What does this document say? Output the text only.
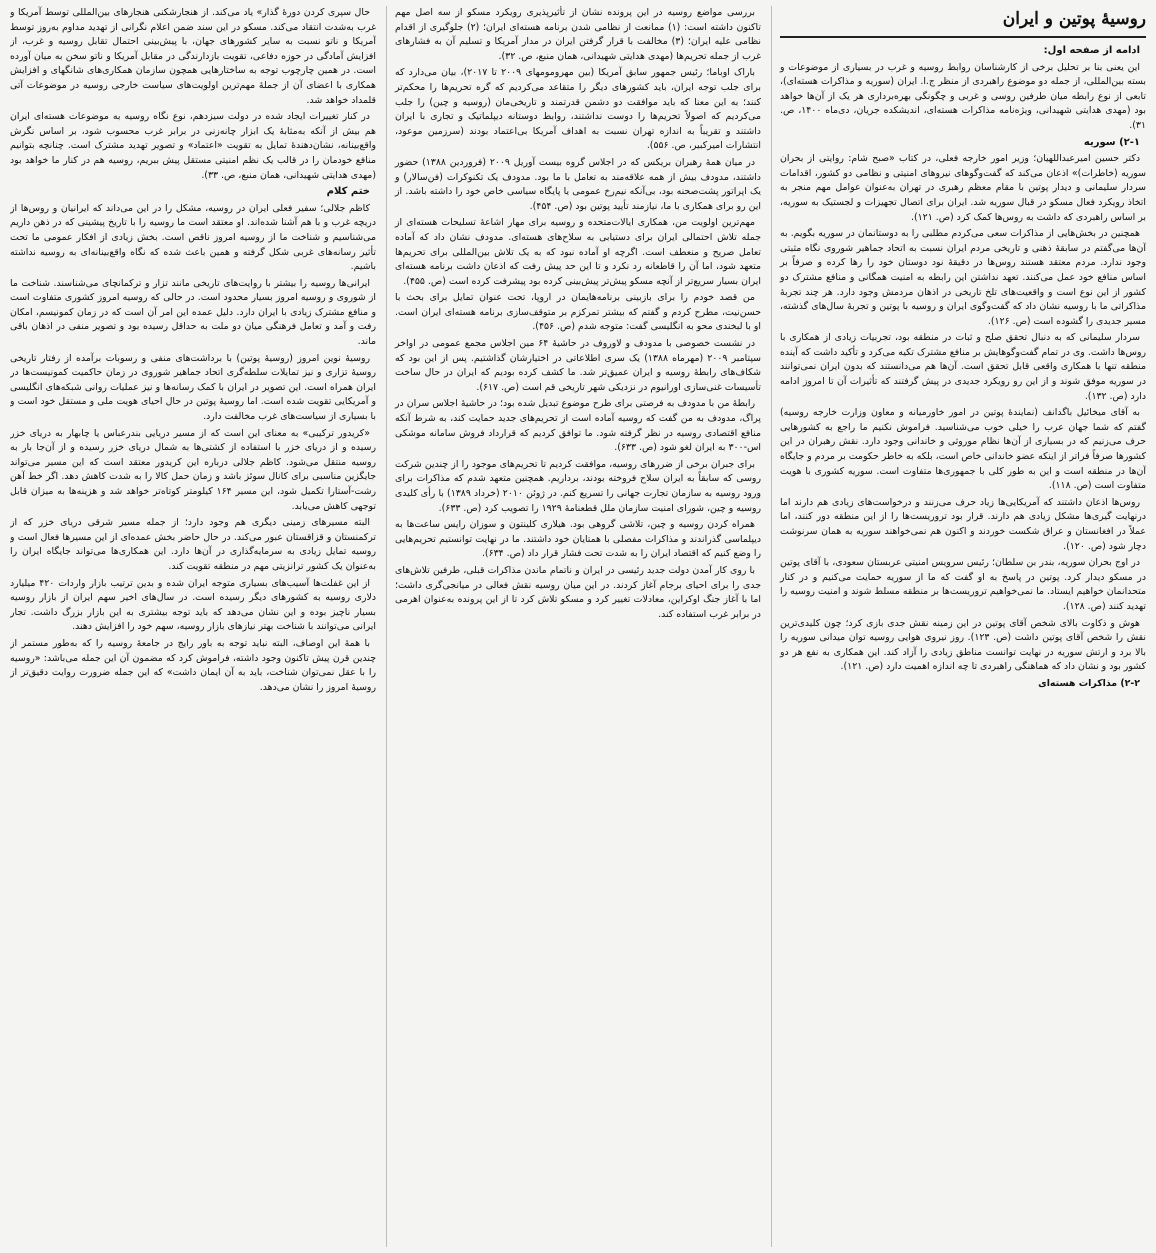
روسیهٔ پوتین و ایران

ادامه از صفحه اول:

این یعنی بنا بر تحلیل برخی از کارشناسان روابط روسیه و غرب در بسیاری از موضوعات و بسته بین‌المللی، از جمله دو موضوع راهبردی از منظر ج.ا. ایران (سوریه و مذاکرات هسته‌ای)، تابعی از نوع رابطه میان طرفین روسی و غربی و چگونگی بهره‌برداری هر یک از آن‌ها خواهد بود (مهدی هدایتی شهیدانی، ویژه‌نامه مذاکرات هسته‌ای، اندیشکده جریان، دی‌ماه ۱۴۰۰، ص. ۳۱).

۲-۱) سوریه

دکتر حسین امیرعبداللهیان؛ وزیر امور خارجه فعلی، در کتاب «صبح شام: روایتی از بحران سوریه (خاطرات)» اذعان می‌کند که گفت‌وگوهای نیروهای امنیتی و نظامی دو کشور، اقدامات سردار سلیمانی و دیدار پوتین با مقام معظم رهبری در تهران به‌عنوان عوامل مهم منجر به اتخاذ رویکرد فعال مسکو در قبال سوریه شد. ایران برای اتصال تجهیزات و لجستیک به سوریه، بر اساس راهبردی که داشت به روس‌ها کمک کرد (ص. ۱۲۱).

همچنین در بخش‌هایی از مذاکرات سعی می‌کردم مطلبی را به دوستانمان در سوریه بگویم. به آن‌ها می‌گفتم در سابقهٔ ذهنی و تاریخی مردم ایران نسبت به اتحاد جماهیر شوروی نگاه مثبتی وجود ندارد. مردم معتقد هستند روس‌ها در دقیقهٔ نود دوستان خود را رها کرده و صرفاً بر اساس منافع خود عمل می‌کنند. تعهد نداشتن این رابطه به امنیت همگانی و منافع مشترک دو کشور از این نوع است و واقعیت‌های تلخ تاریخی در اذهان مردمش وجود دارد. هر چند تجربهٔ مذاکراتی ما با روسیه نشان داد که گفت‌وگوی ایران و روسیه با پوتین و تجربهٔ سال‌های گذشته، مسیر جدیدی را گشوده است (ص. ۱۲۶).

سردار سلیمانی که به دنبال تحقق صلح و ثبات در منطقه بود، تجربیات زیادی از همکاری با روس‌ها داشت. وی در تمام گفت‌وگوهایش بر منافع مشترک تکیه می‌کرد و تأکید داشت که آینده منطقه تنها با همکاری واقعی قابل تحقق است. آن‌ها هم می‌دانستند که بدون ایران نمی‌توانند در سوریه موفق شوند و از این رو رویکرد جدیدی در پیش گرفتند که تأثیرات آن تا امروز ادامه دارد (ص. ۱۳۲).

به آقای میخائیل باگدانف (نمایندهٔ پوتین در امور خاورمیانه و معاون وزارت خارجه روسیه) گفتم که شما جهان عرب را خیلی خوب می‌شناسید. فراموش نکنیم ما راجع به کشورهایی حرف می‌زنیم که در بسیاری از آن‌ها نظام موروثی و خاندانی وجود دارد. نقش رهبران در این کشورها صرفاً فراتر از اینکه عضو خاندانی خاص است، بلکه به خاطر حکومت بر مردم و جایگاه آن‌ها در منطقه است و این به طور کلی با جمهوری‌ها متفاوت است. سوریه کشوری با هویت متفاوت است (ص. ۱۱۸).

روس‌ها اذعان داشتند که آمریکایی‌ها زیاد حرف می‌زنند و درخواست‌های زیادی هم دارند اما درنهایت گیری‌ها مشکل زیادی هم دارند. قرار بود تروریست‌ها را از این منطقه دور کنند، اما عملاً در افغانستان و عراق شکست خوردند و اکنون هم نمی‌خواهند سوریه به همان سرنوشت دچار شود (ص. ۱۲۰).

در اوج بحران سوریه، بندر بن سلطان؛ رئیس سرویس امنیتی عربستان سعودی، با آقای پوتین در مسکو دیدار کرد. پوتین در پاسخ به او گفت که ما از سوریه حمایت می‌کنیم و در کنار متحدانمان خواهیم ایستاد. ما نمی‌خواهیم تروریست‌ها بر منطقه مسلط شوند و امنیت روسیه را تهدید کنند (ص. ۱۲۸).

هوش و ذکاوت بالای شخص آقای پوتین در این زمینه نقش جدی بازی کرد؛ چون کلیدی‌ترین نقش را شخص آقای پوتین داشت (ص. ۱۲۳). روز نیروی هوایی روسیه توان میدانی سوریه را بالا برد و ارتش سوریه در نهایت توانست مناطق زیادی را آزاد کند. این همکاری به نفع هر دو کشور بود و نشان داد که هماهنگی راهبردی تا چه اندازه اهمیت دارد (ص. ۱۲۱).

۲-۲) مذاکرات هسته‌ای

بررسی مواضع روسیه در این پرونده نشان از تأثیرپذیری رویکرد مسکو از سه اصل مهم تاکنون داشته است: (۱) ممانعت از نظامی شدن برنامه هسته‌ای ایران؛ (۲) جلوگیری از اقدام نظامی علیه ایران؛ (۳) مخالفت با قرار گرفتن ایران در مدار آمریکا و تسلیم آن به فشارهای غرب از جمله تحریم‌ها (مهدی هدایتی شهیدانی، همان منبع، ص. ۳۲).

باراک اوباما؛ رئیس جمهور سابق آمریکا (بین مهرومومهای ۲۰۰۹ تا ۲۰۱۷)، بیان می‌دارد که برای جلب توجه ایران، باید کشورهای دیگر را متقاعد می‌کردیم که گره تحریم‌ها را محکم‌تر کنند؛ به این معنا که باید موافقت دو دشمن قدرتمند و تاریخی‌مان (روسیه و چین) را جلب می‌کردیم که اصولاً تحریم‌ها را دوست نداشتند، روابط دوستانه دیپلماتیک و تجاری با ایران داشتند و تقریباً به اندازه تهران نسبت به اهداف آمریکا بی‌اعتماد بودند (سرزمین موعود، انتشارات امیرکبیر، ص. ۵۵۶).

در میان همهٔ رهبران بریکس که در اجلاس گروه بیست آوریل ۲۰۰۹ (فروردین ۱۳۸۸) حضور داشتند، مدودف بیش از همه علاقه‌مند به تعامل با ما بود. مدودف یک تکنوکرات (فن‌سالار) و یک اپراتور پشت‌صحنه بود، بی‌آنکه نیم‌رخ عمومی یا پایگاه سیاسی خاص خود را داشته باشد. از این رو برای همکاری با ما، نیازمند تأیید پوتین بود (ص. ۴۵۴).

مهم‌ترین اولویت من، همکاری ایالات‌متحده و روسیه برای مهار اشاعهٔ تسلیحات هسته‌ای از جمله تلاش احتمالی ایران برای دستیابی به سلاح‌های هسته‌ای. مدودف نشان داد که آماده تعامل صریح و منعطف است. اگرچه او آماده نبود که به یک تلاش بین‌المللی برای تحریم‌ها متعهد شود، اما آن را قاطعانه رد نکرد و تا این حد پیش رفت که اذعان داشت برنامه هسته‌ای ایران بسیار سریع‌تر از آنچه مسکو پیش‌تر پیش‌بینی کرده بود پیشرفت کرده است (ص. ۴۵۵).

من قصد خودم را برای بازبینی برنامه‌هایمان در اروپا، تحت عنوان تمایل برای بحث با حسن‌نیت، مطرح کردم و گفتم که بیشتر تمرکزم بر متوقف‌سازی برنامه هسته‌ای ایران است. او با لبخندی محو به انگلیسی گفت: متوجه شدم (ص. ۴۵۶).

در نشست خصوصی با مدودف و لاوروف در حاشیهٔ ۶۴ مین اجلاس مجمع عمومی در اواخر سپتامبر ۲۰۰۹ (مهرماه ۱۳۸۸) یک سری اطلاعاتی در اختیارشان گذاشتیم. پس از این بود که شکاف‌های رابطهٔ روسیه و ایران عمیق‌تر شد. ما کشف کرده بودیم که ایران در حال ساخت تأسیسات غنی‌سازی اورانیوم در نزدیکی شهر تاریخی قم است (ص. ۶۱۷).

رابطهٔ من با مدودف به فرصتی برای طرح موضوع تبدیل شده بود؛ در حاشیهٔ اجلاس سران در پراگ، مدودف به من گفت که روسیه آماده است از تحریم‌های جدید حمایت کند، به شرط آنکه منافع اقتصادی روسیه در نظر گرفته شود. ما توافق کردیم که قرارداد فروش سامانه موشکی اس-۳۰۰ به ایران لغو شود (ص. ۶۳۳).

برای جبران برخی از ضررهای روسیه، موافقت کردیم تا تحریم‌های موجود را از چندین شرکت روسی که سابقاً به ایران سلاح فروخته بودند، برداریم. همچنین متعهد شدم که مذاکرات برای ورود روسیه به سازمان تجارت جهانی را تسریع کنم. در ژوئن ۲۰۱۰ (خرداد ۱۳۸۹) با رأی کلیدی روسیه و چین، شورای امنیت سازمان ملل قطعنامهٔ ۱۹۲۹ را تصویب کرد (ص. ۶۳۳).

همراه کردن روسیه و چین، تلاشی گروهی بود. هیلاری کلینتون و سوزان رایس ساعت‌ها به دیپلماسی گذراندند و مذاکرات مفصلی با همتایان خود داشتند. ما در نهایت توانستیم تحریم‌هایی را وضع کنیم که اقتصاد ایران را به شدت تحت فشار قرار داد (ص. ۶۳۴).

با روی کار آمدن دولت جدید رئیسی در ایران و ناتمام ماندن مذاکرات قبلی، طرفین تلاش‌های جدی را برای احیای برجام آغاز کردند. در این میان روسیه نقش فعالی در میانجی‌گری داشت؛ اما با آغاز جنگ اوکراین، معادلات تغییر کرد و مسکو تلاش کرد تا از این پرونده به‌عنوان اهرمی در برابر غرب استفاده کند.

حال سپری کردن دورهٔ گذار» یاد می‌کند. از هنجارشکنی هنجارهای بین‌المللی توسط آمریکا و غرب به‌شدت انتقاد می‌کند. مسکو در این سند ضمن اعلام نگرانی از تهدید مداوم به‌روز توسط آمریکا و ناتو نسبت به سایر کشورهای جهان، با پیش‌بینی احتمال تقابل روسیه و غرب، از افزایش آمادگی در حوزه دفاعی، تقویت بازدارندگی در مقابل آمریکا و ناتو سخن به میان آورده است. در همین چارچوب توجه به ساختارهایی همچون سازمان همکاری‌های شانگهای و افزایش همکاری با اعضای آن از جملهٔ مهم‌ترین اولویت‌های سیاست خارجی روسیه در موضوعات آتی قلمداد خواهد شد.

در کنار تغییرات ایجاد شده در دولت سیزدهم، نوع نگاه روسیه به موضوعات هسته‌ای ایران هم بیش از آنکه به‌مثابهٔ یک ابزار چانه‌زنی در برابر غرب محسوب شود، بر اساس نگرش واقع‌بینانه، نشان‌دهندهٔ تمایل به تقویت «اعتماد» و تصویر تهدید مشترک است. چنانچه بتوانیم منافع خودمان را در قالب یک نظم امنیتی مستقل پیش ببریم، روسیه هم در کنار ما خواهد بود (مهدی هدایتی شهیدانی، همان منبع، ص. ۳۳).

ختم کلام

کاظم جلالی؛ سفیر فعلی ایران در روسیه، مشکل را در این می‌داند که ایرانیان و روس‌ها از دریچه غرب و با هم آشنا شده‌اند. او معتقد است ما روسیه را با تاریخ پیشینی که در ذهن داریم می‌شناسیم و شناخت ما از روسیه امروز ناقص است. بخش زیادی از افکار عمومی ما تحت تأثیر رسانه‌های غربی شکل گرفته و همین باعث شده که نگاه واقع‌بینانه‌ای به روسیه نداشته باشیم.

ایرانی‌ها روسیه را بیشتر با روایت‌های تاریخی مانند تزار و ترکمانچای می‌شناسند. شناخت ما از شوروی و روسیه امروز بسیار محدود است. در حالی که روسیه امروز کشوری متفاوت است و منافع مشترک زیادی با ایران دارد. دلیل عمده این امر آن است که در زمان کمونیسم، امکان رفت و آمد و تعامل فرهنگی میان دو ملت به حداقل رسیده بود و تصویر منفی در اذهان باقی ماند.

روسیهٔ نوین امروز (روسیهٔ پوتین) با برداشت‌های منفی و رسوبات برآمده از رفتار تاریخی روسیهٔ تزاری و نیز تمایلات سلطه‌گری اتحاد جماهیر شوروی در زمان حاکمیت کمونیست‌ها در ایران همراه است. این تصویر در ایران با کمک رسانه‌ها و نیز عملیات روانی شبکه‌های انگلیسی و آمریکایی تقویت شده است. اما روسیهٔ پوتین در حال احیای هویت ملی و مستقل خود است و با بسیاری از سیاست‌های غرب مخالفت دارد.

«کریدور ترکیبی» به معنای این است که از مسیر دریایی بندرعباس یا چابهار به دریای خزر رسیده و از دریای خزر با استفاده از کشتی‌ها به شمال دریای خزر رسیده و از آن‌جا بار به روسیه منتقل می‌شود. کاظم جلالی درباره این کریدور معتقد است که این مسیر می‌تواند جایگزین مناسبی برای کانال سوئز باشد و زمان حمل کالا را به شدت کاهش دهد. اگر خط آهن رشت-آستارا تکمیل شود، این مسیر ۱۶۴ کیلومتر کوتاه‌تر خواهد شد و هزینه‌ها به میزان قابل توجهی کاهش می‌یابد.

البته مسیرهای زمینی دیگری هم وجود دارد؛ از جمله مسیر شرقی دریای خزر که از ترکمنستان و قزاقستان عبور می‌کند. در حال حاضر بخش عمده‌ای از این مسیرها فعال است و روسیه تمایل زیادی به سرمایه‌گذاری در آن‌ها دارد. این همکاری‌ها می‌تواند جایگاه ایران را به‌عنوان یک کشور ترانزیتی مهم در منطقه تقویت کند.

از این غفلت‌ها آسیب‌های بسیاری متوجه ایران شده و بدین ترتیب بازار واردات ۴۲۰ میلیارد دلاری روسیه به کشورهای دیگر رسیده است. در سال‌های اخیر سهم ایران از بازار روسیه بسیار ناچیز بوده و این نشان می‌دهد که باید توجه بیشتری به این بازار بزرگ داشت. تجار ایرانی می‌توانند با شناخت بهتر نیازهای بازار روسیه، سهم خود را افزایش دهند.

با همهٔ این اوصاف، البته نباید توجه به باور رایج در جامعهٔ روسیه را که به‌طور مستمر از چندین قرن پیش تاکنون وجود داشته، فراموش کرد که مضمون آن این جمله می‌باشد: «روسیه را با عقل نمی‌توان شناخت، باید به آن ایمان داشت» که این جمله ضرورت روایت دقیق‌تر از روسیهٔ امروز را نشان می‌دهد.
